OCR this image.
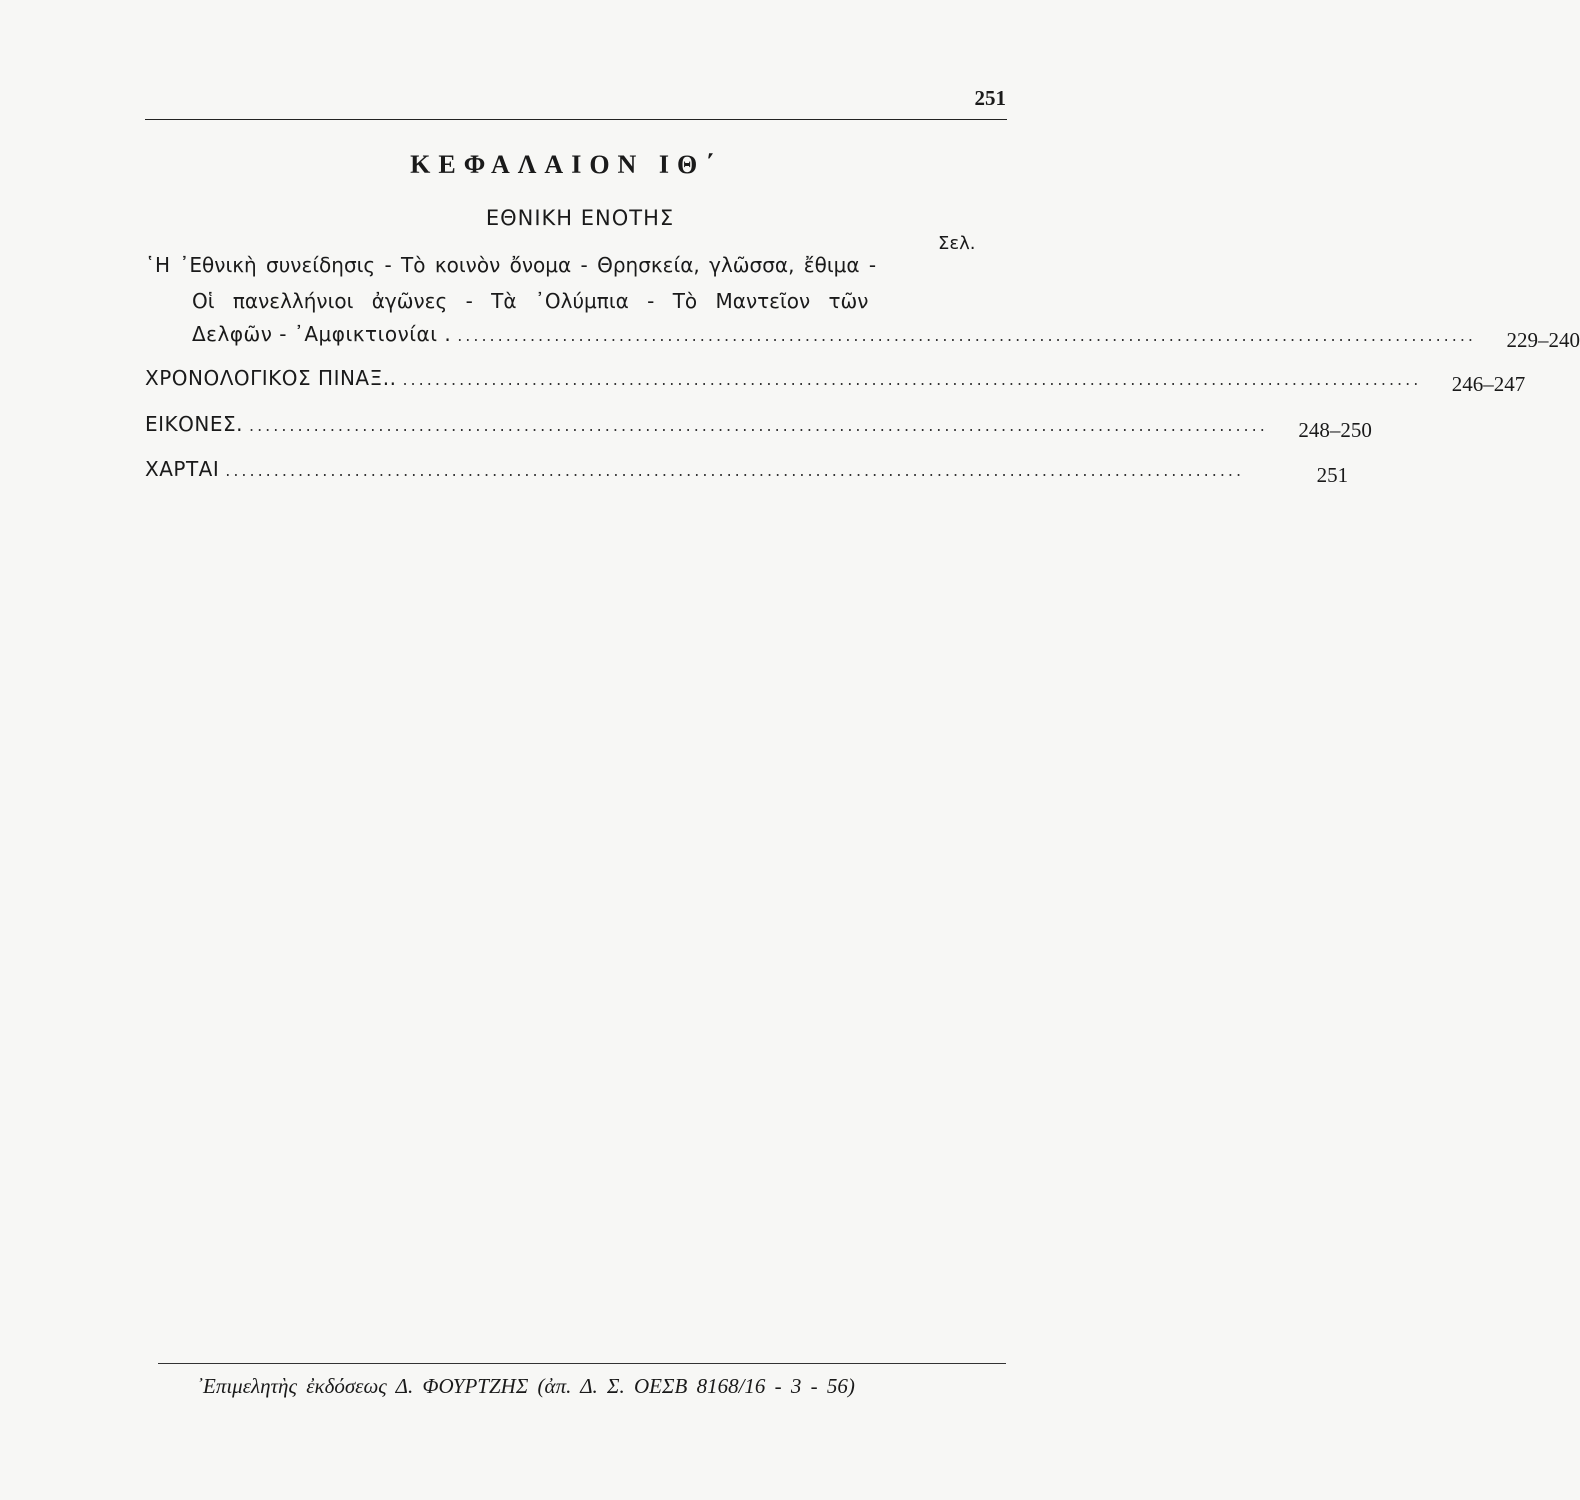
251
ΚΕΦΑΛΑΙΟΝ ΙΘ΄
ΕΘΝΙΚΗ ΕΝΟΤΗΣ
Σελ.
῾Η ᾽Εθνικὴ συνείδησις - Τὸ κοινὸν ὄνομα - Θρησκεία, γλῶσσα, ἔθιμα -
Οἱ πανελλήνιοι ἀγῶνες - Τὰ ᾽Ολύμπια - Τὸ Μαντεῖον τῶν
Δελφῶν - ᾽Αμφικτιονίαι . ..............................................................................................................................	229–240
ΧΡΟΝΟΛΟΓΙΚΟΣ ΠΙΝΑΞ.. ..............................................................................................................................	246–247
ΕΙΚΟΝΕΣ. ..............................................................................................................................	248–250
ΧΑΡΤΑΙ ..............................................................................................................................	251
᾽Επιμελητὴς ἐκδόσεως Δ. ΦΟΥΡΤΖΗΣ (ἀπ. Δ. Σ. ΟΕΣΒ 8168/16 - 3 - 56)
